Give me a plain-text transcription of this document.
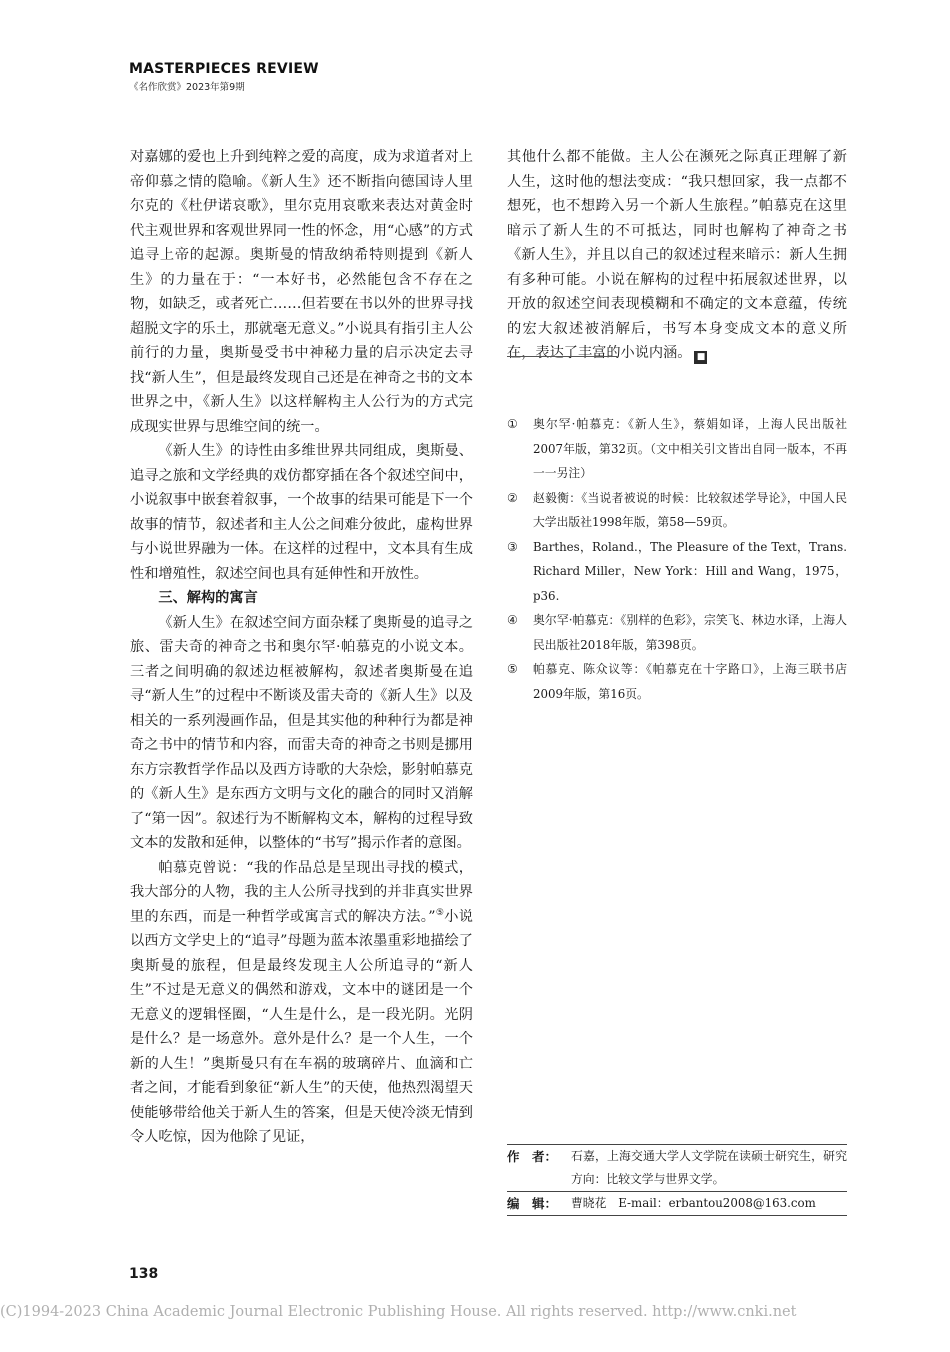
MASTERPIECES REVIEW
《名作欣赏》2023年第9期

对嘉娜的爱也上升到纯粹之爱的高度，成为求道者对上帝仰慕之情的隐喻。《新人生》还不断指向德国诗人里尔克的《杜伊诺哀歌》，里尔克用哀歌来表达对黄金时代主观世界和客观世界同一性的怀念，用“心感”的方式追寻上帝的起源。奥斯曼的情敌纳希特则提到《新人生》的力量在于：“一本好书，必然能包含不存在之物，如缺乏，或者死亡……但若要在书以外的世界寻找超脱文字的乐土，那就毫无意义。”小说具有指引主人公前行的力量，奥斯曼受书中神秘力量的启示决定去寻找“新人生”，但是最终发现自己还是在神奇之书的文本世界之中，《新人生》以这样解构主人公行为的方式完成现实世界与思维空间的统一。

《新人生》的诗性由多维世界共同组成，奥斯曼、追寻之旅和文学经典的戏仿都穿插在各个叙述空间中，小说叙事中嵌套着叙事，一个故事的结果可能是下一个故事的情节，叙述者和主人公之间难分彼此，虚构世界与小说世界融为一体。在这样的过程中，文本具有生成性和增殖性，叙述空间也具有延伸性和开放性。

三、解构的寓言

《新人生》在叙述空间方面杂糅了奥斯曼的追寻之旅、雷夫奇的神奇之书和奥尔罕·帕慕克的小说文本。三者之间明确的叙述边框被解构，叙述者奥斯曼在追寻“新人生”的过程中不断谈及雷夫奇的《新人生》以及相关的一系列漫画作品，但是其实他的种种行为都是神奇之书中的情节和内容，而雷夫奇的神奇之书则是挪用东方宗教哲学作品以及西方诗歌的大杂烩，影射帕慕克的《新人生》是东西方文明与文化的融合的同时又消解了“第一因”。叙述行为不断解构文本，解构的过程导致文本的发散和延伸，以整体的“书写”揭示作者的意图。

帕慕克曾说：“我的作品总是呈现出寻找的模式，我大部分的人物，我的主人公所寻找到的并非真实世界里的东西，而是一种哲学或寓言式的解决方法。”⑤小说以西方文学史上的“追寻”母题为蓝本浓墨重彩地描绘了奥斯曼的旅程，但是最终发现主人公所追寻的“新人生”不过是无意义的偶然和游戏，文本中的谜团是一个无意义的逻辑怪圈，“人生是什么，是一段光阴。光阴是什么？是一场意外。意外是什么？是一个人生，一个新的人生！”奥斯曼只有在车祸的玻璃碎片、血滴和亡者之间，才能看到象征“新人生”的天使，他热烈渴望天使能够带给他关于新人生的答案，但是天使冷淡无情到令人吃惊，因为他除了见证，

其他什么都不能做。主人公在濒死之际真正理解了新人生，这时他的想法变成：“我只想回家，我一点都不想死，也不想跨入另一个新人生旅程。”帕慕克在这里暗示了新人生的不可抵达，同时也解构了神奇之书《新人生》，并且以自己的叙述过程来暗示：新人生拥有多种可能。小说在解构的过程中拓展叙述世界，以开放的叙述空间表现模糊和不确定的文本意蕴，传统的宏大叙述被消解后，书写本身变成文本的意义所在，表达了丰富的小说内涵。 ■

①	奥尔罕·帕慕克：《新人生》，蔡娟如译，上海人民出版社2007年版，第32页。（文中相关引文皆出自同一版本，不再一一另注）
②	赵毅衡：《当说者被说的时候：比较叙述学导论》，中国人民大学出版社1998年版，第58—59页。
③	Barthes，Roland.，The Pleasure of the Text，Trans. Richard Miller，New York：Hill and Wang，1975，p36.
④	奥尔罕·帕慕克：《别样的色彩》，宗笑飞、林边水译，上海人民出版社2018年版，第398页。
⑤	帕慕克、陈众议等：《帕慕克在十字路口》，上海三联书店2009年版，第16页。
作　者：	石嘉，上海交通大学人文学院在读硕士研究生，研究方向：比较文学与世界文学。
编　辑：	曹晓花　E-mail：erbantou2008@163.com
138
(C)1994-2023 China Academic Journal Electronic Publishing House. All rights reserved. http://www.cnki.net
